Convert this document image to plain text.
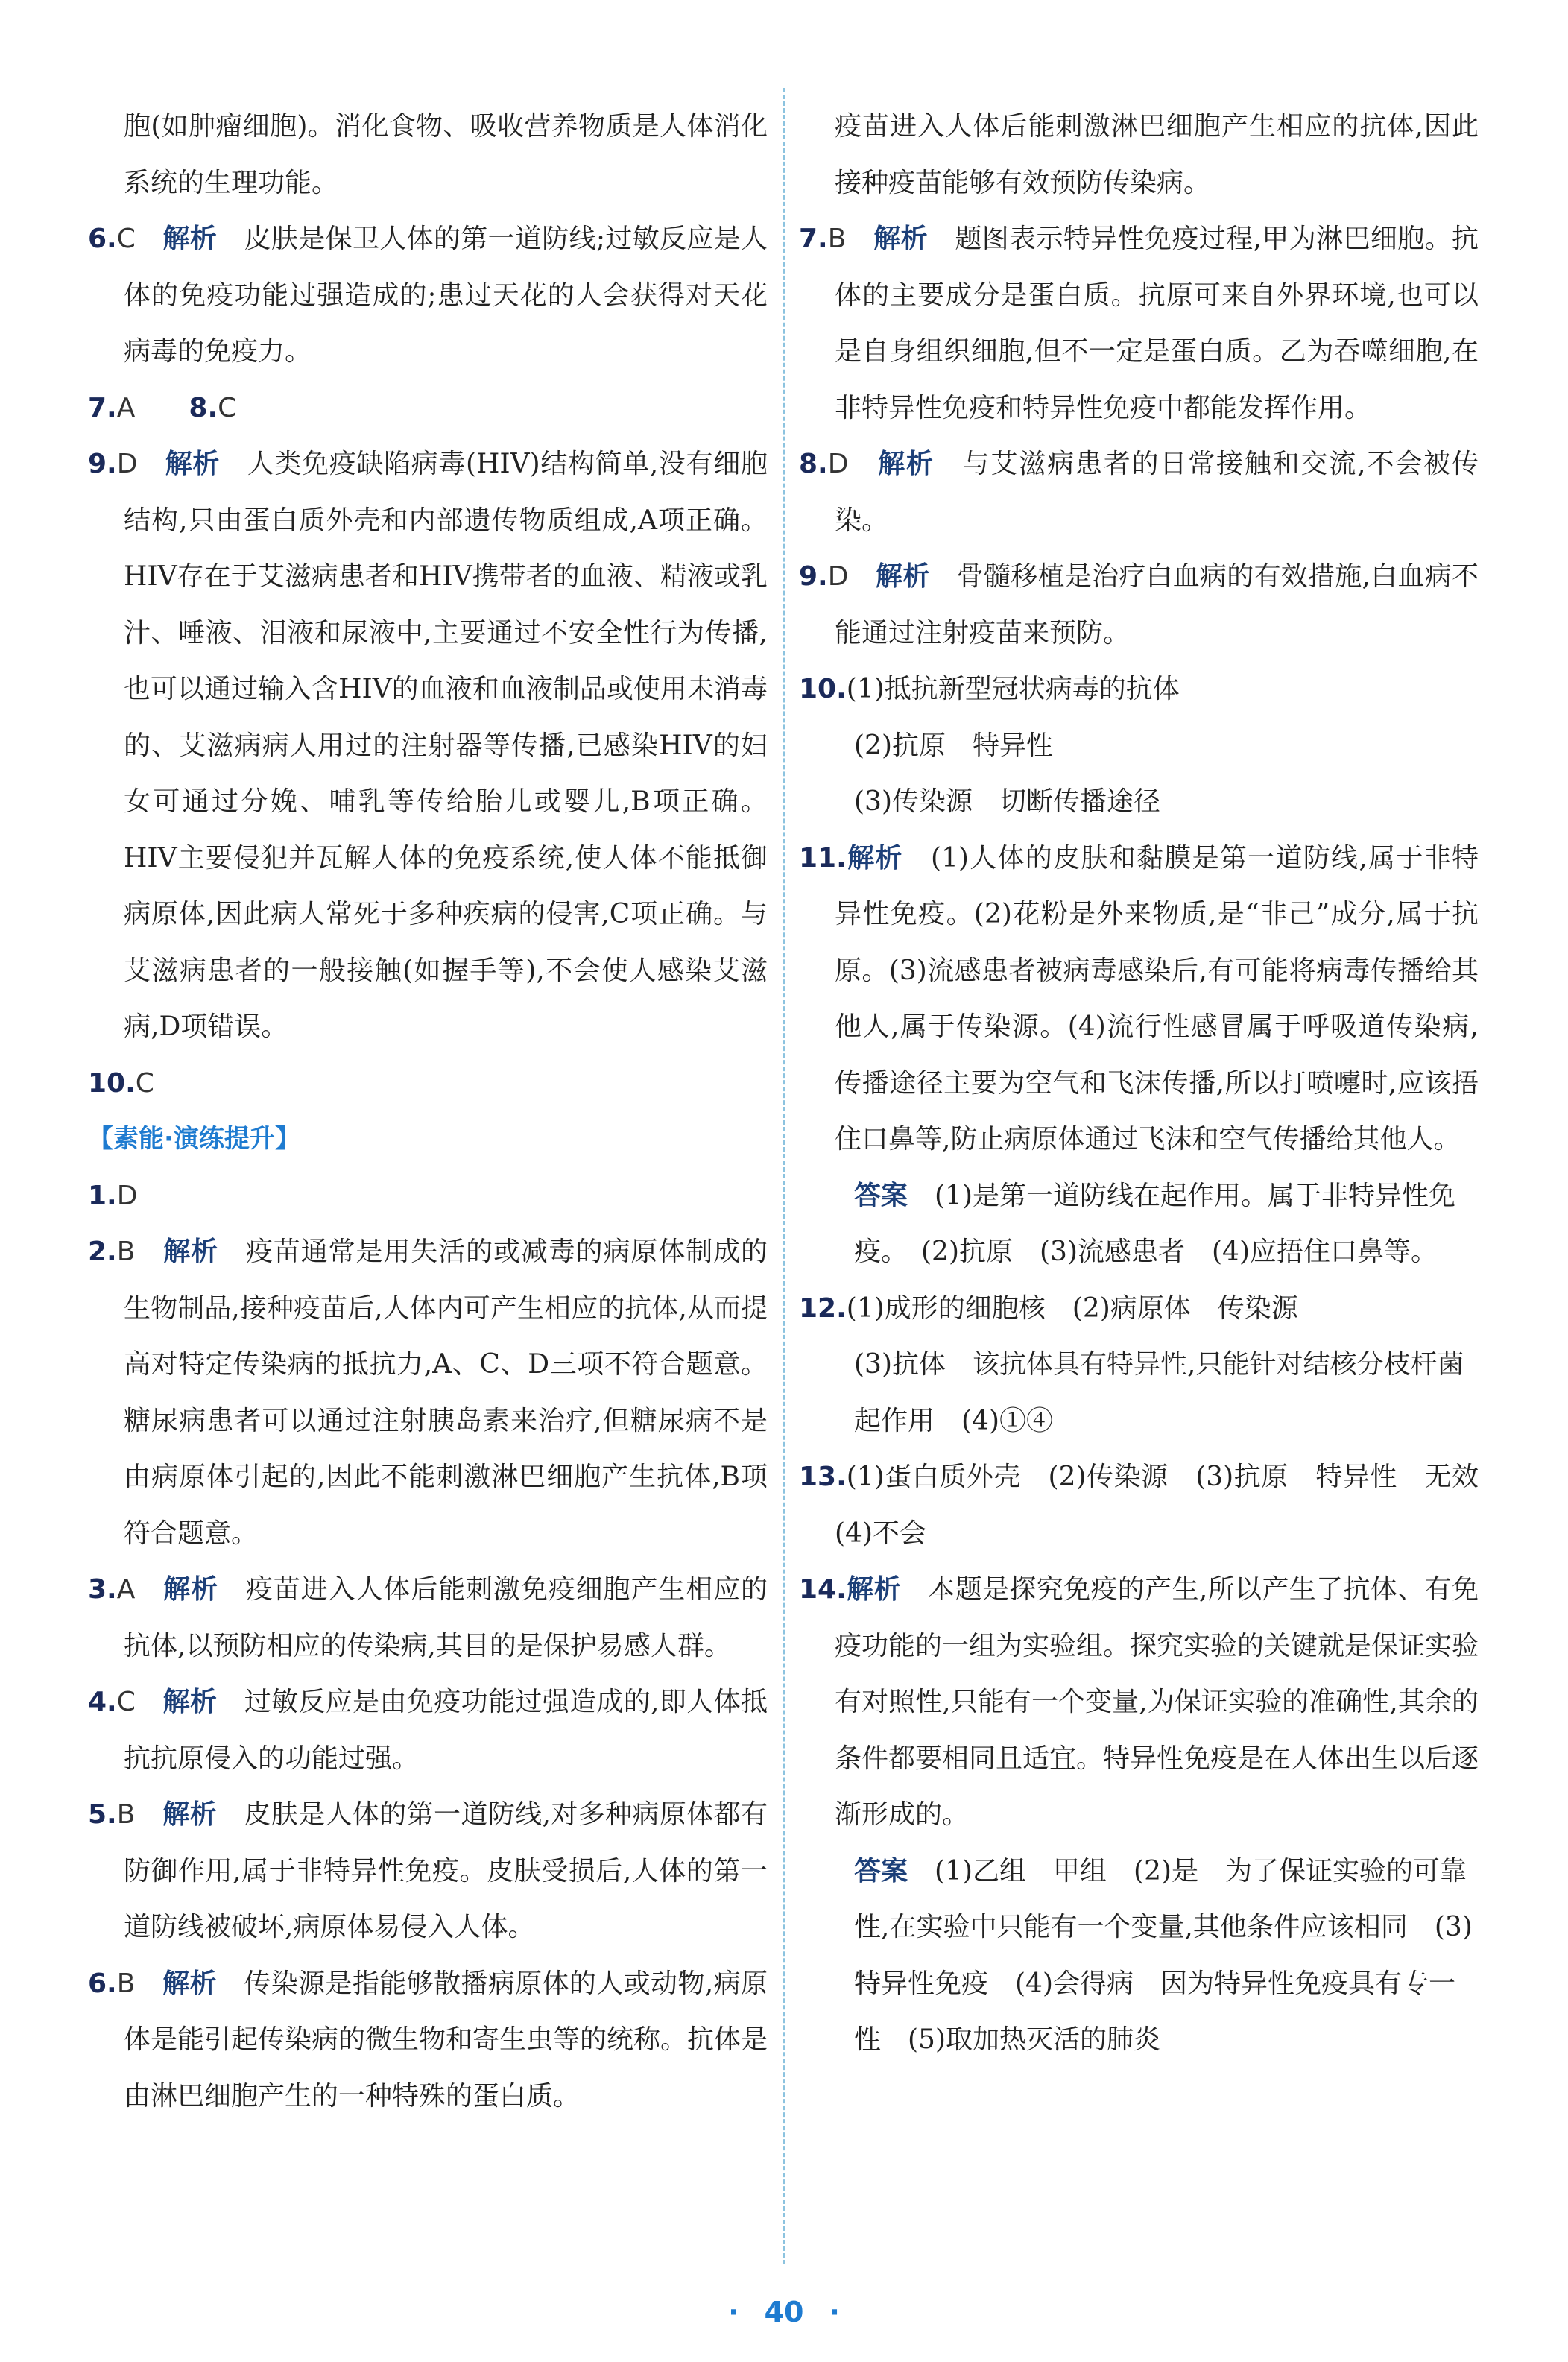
胞(如肿瘤细胞)。消化食物、吸收营养物质是人体消化系统的生理功能。

6.C　 解析　 皮肤是保卫人体的第一道防线;过敏反应是人体的免疫功能过强造成的;患过天花的人会获得对天花病毒的免疫力。

7.A　　 8.C

9.D　 解析　 人类免疫缺陷病毒(HIV)结构简单,没有细胞结构,只由蛋白质外壳和内部遗传物质组成,A项正确。HIV存在于艾滋病患者和HIV携带者的血液、精液或乳汁、唾液、泪液和尿液中,主要通过不安全性行为传播,也可以通过输入含HIV的血液和血液制品或使用未消毒的、艾滋病病人用过的注射器等传播,已感染HIV的妇女可通过分娩、哺乳等传给胎儿或婴儿,B项正确。HIV主要侵犯并瓦解人体的免疫系统,使人体不能抵御病原体,因此病人常死于多种疾病的侵害,C项正确。与艾滋病患者的一般接触(如握手等),不会使人感染艾滋病,D项错误。

10.C

【素能·演练提升】

1.D

2.B　 解析　 疫苗通常是用失活的或减毒的病原体制成的生物制品,接种疫苗后,人体内可产生相应的抗体,从而提高对特定传染病的抵抗力,A、C、D三项不符合题意。糖尿病患者可以通过注射胰岛素来治疗,但糖尿病不是由病原体引起的,因此不能刺激淋巴细胞产生抗体,B项符合题意。

3.A　 解析　 疫苗进入人体后能刺激免疫细胞产生相应的抗体,以预防相应的传染病,其目的是保护易感人群。

4.C　 解析　 过敏反应是由免疫功能过强造成的,即人体抵抗抗原侵入的功能过强。

5.B　 解析　 皮肤是人体的第一道防线,对多种病原体都有防御作用,属于非特异性免疫。皮肤受损后,人体的第一道防线被破坏,病原体易侵入人体。

6.B　 解析　 传染源是指能够散播病原体的人或动物,病原体是能引起传染病的微生物和寄生虫等的统称。抗体是由淋巴细胞产生的一种特殊的蛋白质。

疫苗进入人体后能刺激淋巴细胞产生相应的抗体,因此接种疫苗能够有效预防传染病。

7.B　 解析　 题图表示特异性免疫过程,甲为淋巴细胞。抗体的主要成分是蛋白质。抗原可来自外界环境,也可以是自身组织细胞,但不一定是蛋白质。乙为吞噬细胞,在非特异性免疫和特异性免疫中都能发挥作用。

8.D　 解析　 与艾滋病患者的日常接触和交流,不会被传染。

9.D　 解析　 骨髓移植是治疗白血病的有效措施,白血病不能通过注射疫苗来预防。

10.(1)抵抗新型冠状病毒的抗体

(2)抗原　特异性

(3)传染源　切断传播途径

11.解析　 (1)人体的皮肤和黏膜是第一道防线,属于非特异性免疫。(2)花粉是外来物质,是“非己”成分,属于抗原。(3)流感患者被病毒感染后,有可能将病毒传播给其他人,属于传染源。(4)流行性感冒属于呼吸道传染病,传播途径主要为空气和飞沫传播,所以打喷嚏时,应该捂住口鼻等,防止病原体通过飞沫和空气传播给其他人。

答案　 (1)是第一道防线在起作用。属于非特异性免疫。　(2)抗原　(3)流感患者　(4)应捂住口鼻等。

12.(1)成形的细胞核　(2)病原体　传染源

(3)抗体　该抗体具有特异性,只能针对结核分枝杆菌起作用　(4)①④

13.(1)蛋白质外壳　(2)传染源　(3)抗原　特异性　无效　(4)不会

14.解析　 本题是探究免疫的产生,所以产生了抗体、有免疫功能的一组为实验组。探究实验的关键就是保证实验有对照性,只能有一个变量,为保证实验的准确性,其余的条件都要相同且适宜。特异性免疫是在人体出生以后逐渐形成的。

答案　 (1)乙组　甲组　(2)是　为了保证实验的可靠性,在实验中只能有一个变量,其他条件应该相同　(3)特异性免疫　(4)会得病　因为特异性免疫具有专一性　(5)取加热灭活的肺炎

· 40 ·
